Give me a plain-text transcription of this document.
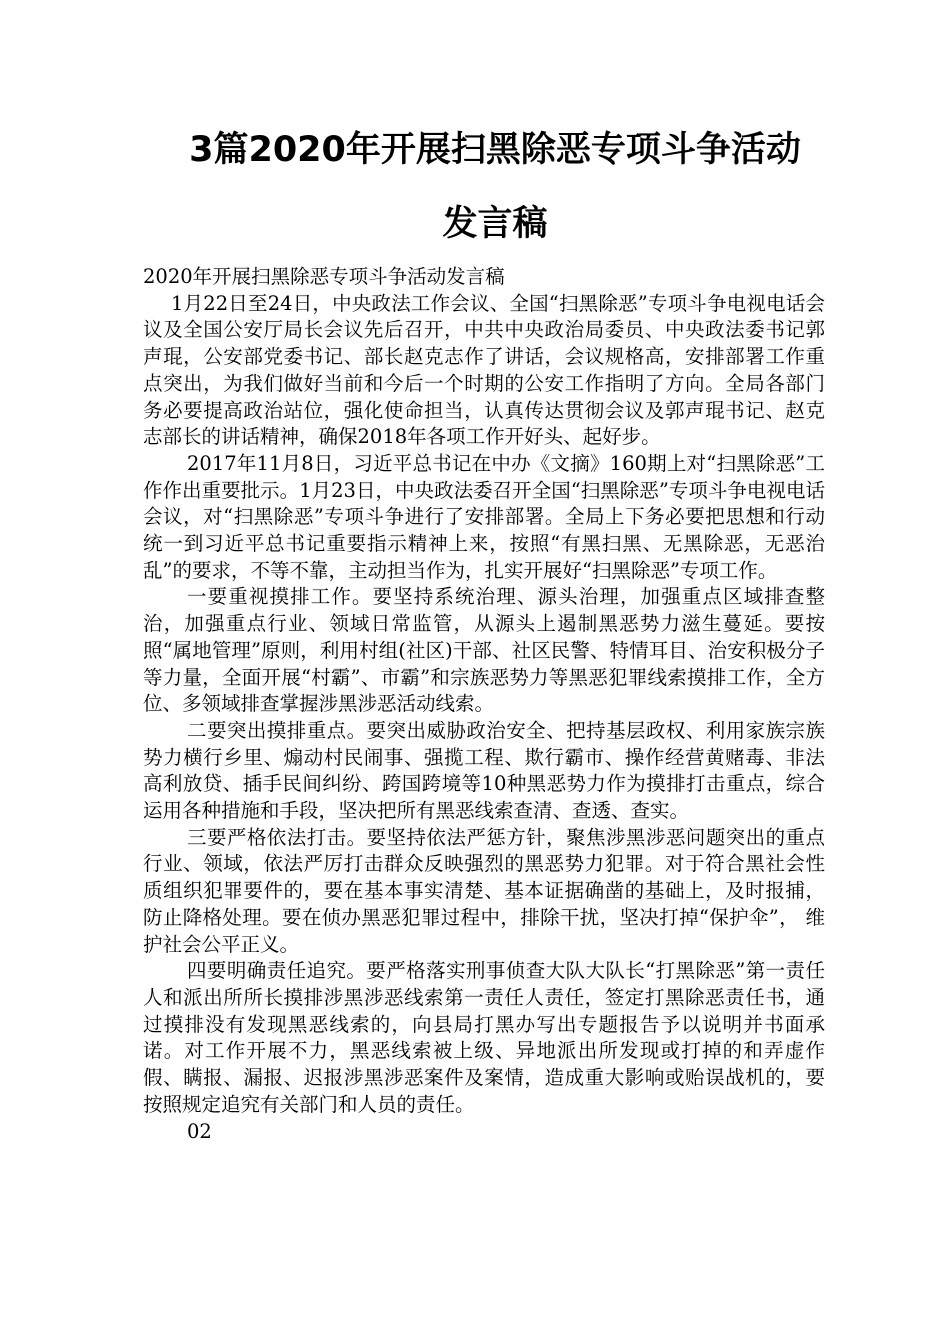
3篇2020年开展扫黑除恶专项斗争活动
发言稿

2020年开展扫黑除恶专项斗争活动发言稿

1月22日至24日，中央政法工作会议、全国“扫黑除恶”专项斗争电视电话会议及全国公安厅局长会议先后召开，中共中央政治局委员、中央政法委书记郭声琨，公安部党委书记、部长赵克志作了讲话，会议规格高，安排部署工作重点突出，为我们做好当前和今后一个时期的公安工作指明了方向。全局各部门务必要提高政治站位，强化使命担当，认真传达贯彻会议及郭声琨书记、赵克志部长的讲话精神，确保2018年各项工作开好头、起好步。

2017年11月8日，习近平总书记在中办《文摘》160期上对“扫黑除恶”工作作出重要批示。1月23日，中央政法委召开全国“扫黑除恶”专项斗争电视电话会议，对“扫黑除恶”专项斗争进行了安排部署。全局上下务必要把思想和行动统一到习近平总书记重要指示精神上来，按照“有黑扫黑、无黑除恶，无恶治乱”的要求，不等不靠，主动担当作为，扎实开展好“扫黑除恶”专项工作。

一要重视摸排工作。要坚持系统治理、源头治理，加强重点区域排查整治，加强重点行业、领域日常监管，从源头上遏制黑恶势力滋生蔓延。要按照“属地管理”原则，利用村组(社区)干部、社区民警、特情耳目、治安积极分子等力量，全面开展“村霸”、市霸”和宗族恶势力等黑恶犯罪线索摸排工作，全方位、多领域排查掌握涉黑涉恶活动线索。

二要突出摸排重点。要突出威胁政治安全、把持基层政权、利用家族宗族势力横行乡里、煽动村民闹事、强揽工程、欺行霸市、操作经营黄赌毒、非法高利放贷、插手民间纠纷、跨国跨境等10种黑恶势力作为摸排打击重点，综合运用各种措施和手段，坚决把所有黑恶线索查清、查透、查实。

三要严格依法打击。要坚持依法严惩方针，聚焦涉黑涉恶问题突出的重点行业、领域，依法严厉打击群众反映强烈的黑恶势力犯罪。对于符合黑社会性质组织犯罪要件的，要在基本事实清楚、基本证据确凿的基础上，及时报捕，防止降格处理。要在侦办黑恶犯罪过程中，排除干扰，坚决打掉“保护伞”， 维护社会公平正义。

四要明确责任追究。要严格落实刑事侦查大队大队长“打黑除恶”第一责任人和派出所所长摸排涉黑涉恶线索第一责任人责任，签定打黑除恶责任书，通过摸排没有发现黑恶线索的，向县局打黑办写出专题报告予以说明并书面承诺。对工作开展不力，黑恶线索被上级、异地派出所发现或打掉的和弄虚作假、瞒报、漏报、迟报涉黑涉恶案件及案情，造成重大影响或贻误战机的，要按照规定追究有关部门和人员的责任。

02
